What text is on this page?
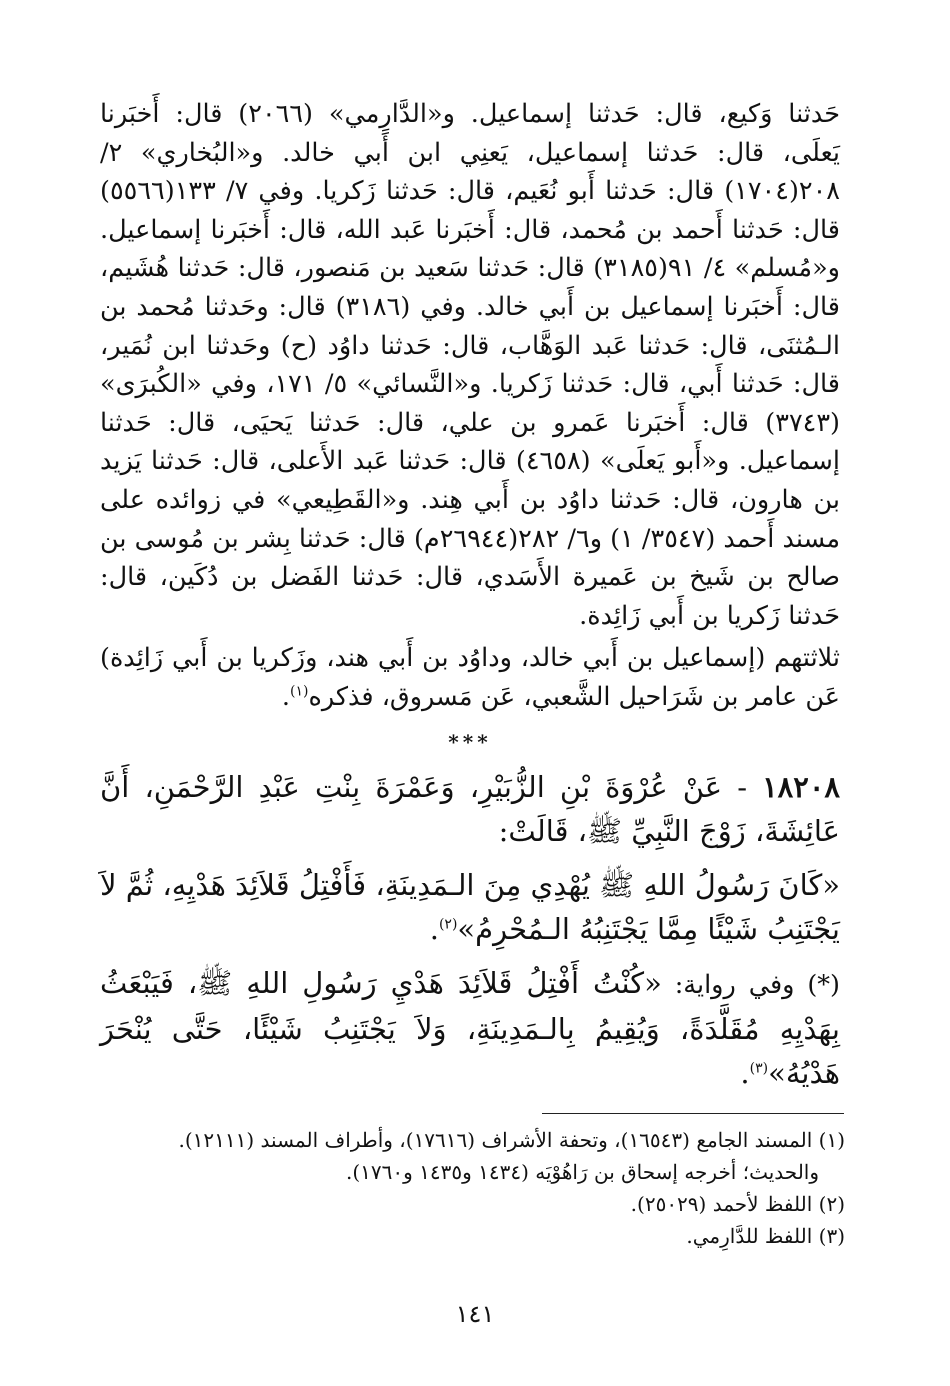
حَدثنا وَكيع، قال: حَدثنا إسماعيل. و«الدَّارِمي» (٢٠٦٦) قال: أَخبَرنا يَعلَى، قال: حَدثنا إسماعيل، يَعنِي ابن أَبي خالد. و«البُخاري» ٢/ ٢٠٨(١٧٠٤) قال: حَدثنا أَبو نُعَيم، قال: حَدثنا زَكريا. وفي ٧/ ١٣٣(٥٥٦٦) قال: حَدثنا أَحمد بن مُحمد، قال: أَخبَرنا عَبد الله، قال: أَخبَرنا إسماعيل. و«مُسلم» ٤/ ٩١(٣١٨٥) قال: حَدثنا سَعيد بن مَنصور، قال: حَدثنا هُشَيم، قال: أَخبَرنا إسماعيل بن أَبي خالد. وفي (٣١٨٦) قال: وحَدثنا مُحمد بن الـمُثنَى، قال: حَدثنا عَبد الوَهَّاب، قال: حَدثنا داوُد (ح) وحَدثنا ابن نُمَير، قال: حَدثنا أَبي، قال: حَدثنا زَكريا. و«النَّسائي» ٥/ ١٧١، وفي «الكُبرَى» (٣٧٤٣) قال: أَخبَرنا عَمرو بن علي، قال: حَدثنا يَحيَى، قال: حَدثنا إسماعيل. و«أَبو يَعلَى» (٤٦٥٨) قال: حَدثنا عَبد الأَعلى، قال: حَدثنا يَزيد بن هارون، قال: حَدثنا داوُد بن أَبي هِند. و«القَطِيعي» في زوائده على مسند أَحمد (٣٥٤٧/ ١) و٦/ ٢٨٢(٢٦٩٤٤م) قال: حَدثنا بِشر بن مُوسى بن صالح بن شَيخ بن عَميرة الأَسَدي، قال: حَدثنا الفَضل بن دُكَين، قال: حَدثنا زَكريا بن أَبي زَائِدة.

ثلاثتهم (إسماعيل بن أَبي خالد، وداوُد بن أَبي هند، وزَكريا بن أَبي زَائِدة) عَن عامر بن شَرَاحيل الشَّعبي، عَن مَسروق، فذكره$^{(١)}$.

***

١٨٢٠٨ - عَنْ عُرْوَةَ بْنِ الزُّبَيْرِ، وَعَمْرَةَ بِنْتِ عَبْدِ الرَّحْمَنِ، أَنَّ عَائِشَةَ، زَوْجَ النَّبِيِّ ﷺ، قَالَتْ:

«كَانَ رَسُولُ اللهِ ﷺ يُهْدِي مِنَ الـمَدِينَةِ، فَأَفْتِلُ قَلاَئِدَ هَدْيِهِ، ثُمَّ لاَ يَجْتَنِبُ شَيْئًا مِمَّا يَجْتَنِبُهُ الـمُحْرِمُ»$^{(٢)}$.

(*) وفي رواية: «كُنْتُ أَفْتِلُ قَلاَئِدَ هَدْيِ رَسُولِ اللهِ ﷺ، فَيَبْعَثُ بِهَدْيِهِ مُقَلَّدَةً، وَيُقِيمُ بِالـمَدِينَةِ، وَلاَ يَجْتَنِبُ شَيْئًا، حَتَّى يُنْحَرَ هَدْيُهُ»$^{(٣)}$.

(١) المسند الجامع (١٦٥٤٣)، وتحفة الأشراف (١٧٦١٦)، وأطراف المسند (١٢١١١).

والحديث؛ أخرجه إسحاق بن رَاهُوْيَه (١٤٣٤ و١٤٣٥ و١٧٦٠).

(٢) اللفظ لأحمد (٢٥٠٢٩).

(٣) اللفظ للدَّارِمي.

١٤١
